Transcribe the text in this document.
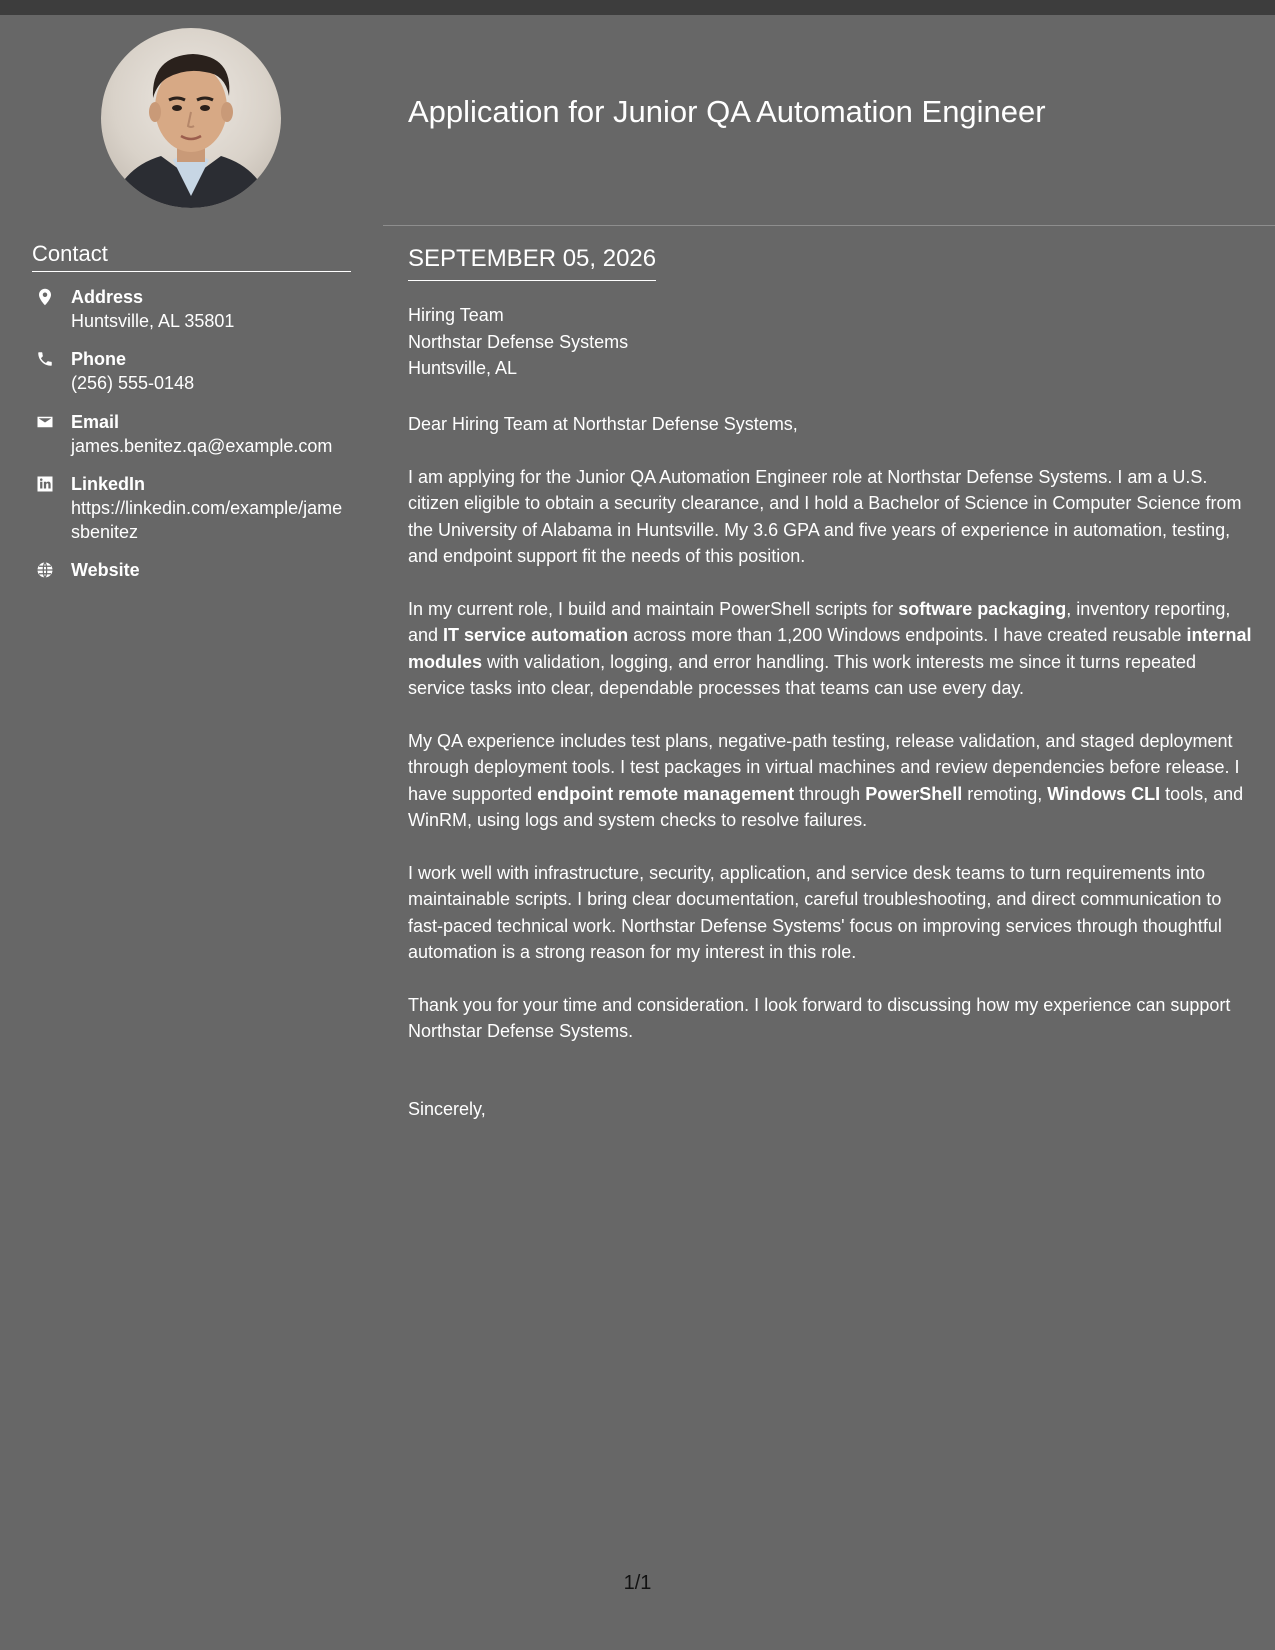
Contact
Address
Huntsville, AL 35801
Phone
(256) 555-0148
Email
james.benitez.qa@example.com
LinkedIn
https://linkedin.com/example/jamesbenitez
Website
Application for Junior QA Automation Engineer
SEPTEMBER 05, 2026
Hiring Team
Northstar Defense Systems
Huntsville, AL

Dear Hiring Team at Northstar Defense Systems,

I am applying for the Junior QA Automation Engineer role at Northstar Defense Systems. I am a U.S. citizen eligible to obtain a security clearance, and I hold a Bachelor of Science in Computer Science from the University of Alabama in Huntsville. My 3.6 GPA and five years of experience in automation, testing, and endpoint support fit the needs of this position.

In my current role, I build and maintain PowerShell scripts for software packaging, inventory reporting, and IT service automation across more than 1,200 Windows endpoints. I have created reusable internal modules with validation, logging, and error handling. This work interests me since it turns repeated service tasks into clear, dependable processes that teams can use every day.

My QA experience includes test plans, negative-path testing, release validation, and staged deployment through deployment tools. I test packages in virtual machines and review dependencies before release. I have supported endpoint remote management through PowerShell remoting, Windows CLI tools, and WinRM, using logs and system checks to resolve failures.

I work well with infrastructure, security, application, and service desk teams to turn requirements into maintainable scripts. I bring clear documentation, careful troubleshooting, and direct communication to fast-paced technical work. Northstar Defense Systems' focus on improving services through thoughtful automation is a strong reason for my interest in this role.

Thank you for your time and consideration. I look forward to discussing how my experience can support Northstar Defense Systems.

Sincerely,
1/1
